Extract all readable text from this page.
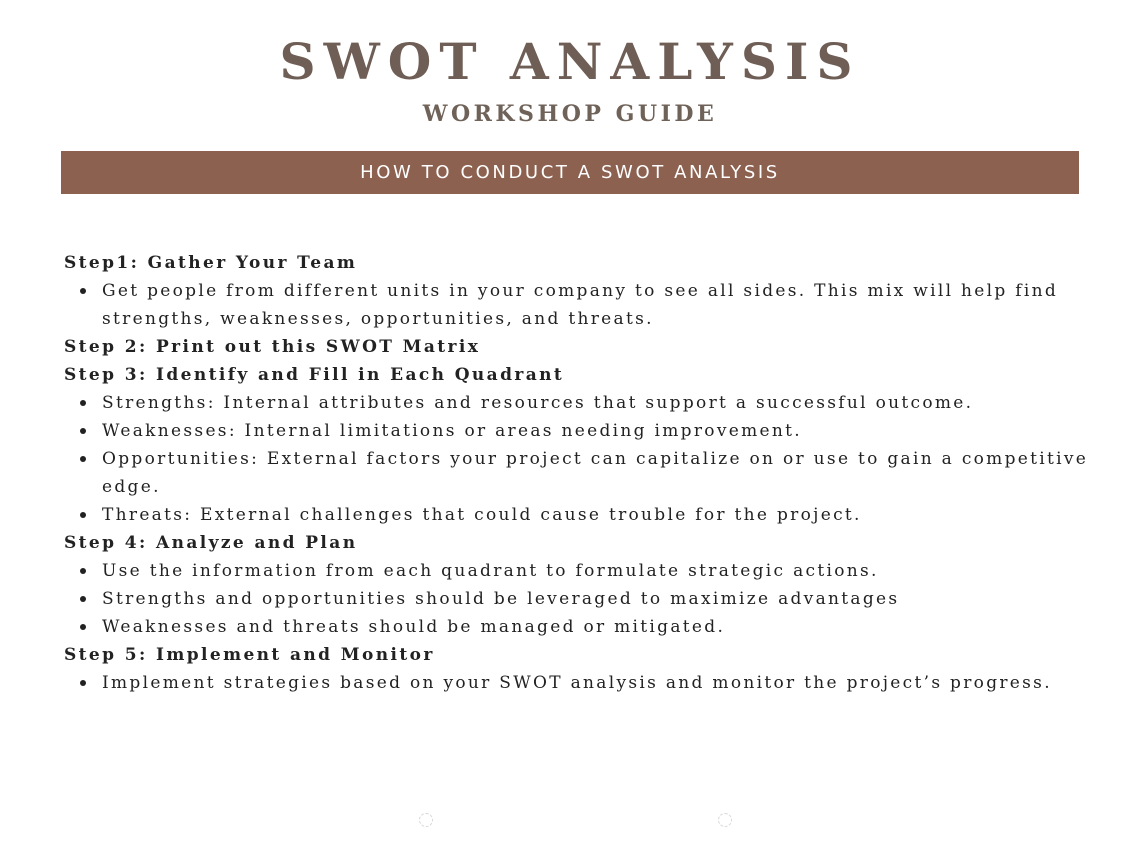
SWOT ANALYSIS
WORKSHOP GUIDE
HOW TO CONDUCT A SWOT ANALYSIS

Step1: Gather Your Team

Get people from different units in your company to see all sides. This mix will help find strengths, weaknesses, opportunities, and threats.

Step 2: Print out this SWOT Matrix

Step 3: Identify and Fill in Each Quadrant

Strengths: Internal attributes and resources that support a successful outcome.
Weaknesses: Internal limitations or areas needing improvement.
Opportunities: External factors your project can capitalize on or use to gain a competitive edge.
Threats: External challenges that could cause trouble for the project.

Step 4: Analyze and Plan

Use the information from each quadrant to formulate strategic actions.
Strengths and opportunities should be leveraged to maximize advantages
Weaknesses and threats should be managed or mitigated.

Step 5: Implement and Monitor

Implement strategies based on your SWOT analysis and monitor the project’s progress.
